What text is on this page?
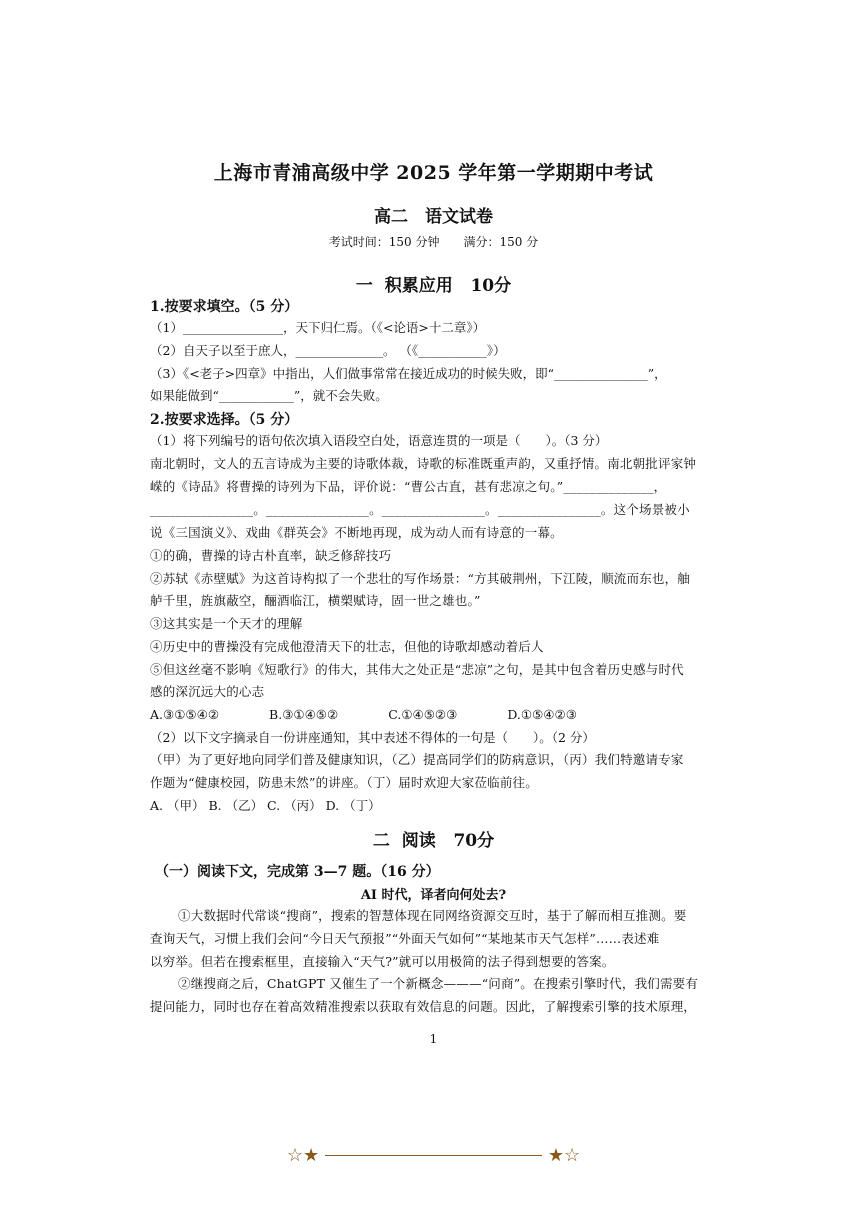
上海市青浦高级中学 2025 学年第一学期期中考试
高二　语文试卷
考试时间：150 分钟　　满分：150 分
一  积累应用   10分
1.按要求填空。（5 分）
（1）________________，天下归仁焉。（《<论语>十二章》）
（2）自天子以至于庶人，______________。 （《___________》）
（3）《<老子>四章》中指出，人们做事常常在接近成功的时候失败，即“_______________”，
如果能做到“____________”，就不会失败。
2.按要求选择。（5 分）
（1）将下列编号的语句依次填入语段空白处，语意连贯的一项是（　　）。（3 分）
南北朝时，文人的五言诗成为主要的诗歌体裁，诗歌的标准既重声韵，又重抒情。南北朝批评家钟
嵘的《诗品》将曹操的诗列为下品，评价说：“曹公古直，甚有悲凉之句。”______________，
________________。________________。________________。________________。这个场景被小
说《三国演义》、戏曲《群英会》不断地再现，成为动人而有诗意的一幕。
①的确，曹操的诗古朴直率，缺乏修辞技巧
②苏轼《赤壁赋》为这首诗构拟了一个悲壮的写作场景：“方其破荆州，下江陵，顺流而东也，舳
舻千里，旌旗蔽空，酾酒临江，横槊赋诗，固一世之雄也。”
③这其实是一个天才的理解
④历史中的曹操没有完成他澄清天下的壮志，但他的诗歌却感动着后人
⑤但这丝毫不影响《短歌行》的伟大，其伟大之处正是“悲凉”之句，是其中包含着历史感与时代
感的深沉远大的心志
A.③①⑤④②　　　　B.③①④⑤②　　　　C.①④⑤②③　　　　D.①⑤④②③
（2）以下文字摘录自一份讲座通知，其中表述不得体的一句是（　　）。（2 分）
（甲）为了更好地向同学们普及健康知识，（乙）提高同学们的防病意识，（丙）我们特邀请专家
作题为“健康校园，防患未然”的讲座。（丁）届时欢迎大家莅临前往。
A. （甲） B. （乙） C. （丙） D. （丁）
二  阅读   70分
（一）阅读下文，完成第 3—7 题。（16 分）
AI 时代，译者向何处去?
①大数据时代常谈“搜商”，搜索的智慧体现在同网络资源交互时，基于了解而相互推测。要
查询天气，习惯上我们会问“今日天气预报”“外面天气如何”“某地某市天气怎样”……表述难
以穷举。但若在搜索框里，直接输入“天气?”就可以用极简的法子得到想要的答案。
②继搜商之后，ChatGPT 又催生了一个新概念———“问商”。在搜索引擎时代，我们需要有
提问能力，同时也存在着高效精准搜索以获取有效信息的问题。因此，了解搜索引擎的技术原理，
1
☆★	★☆
